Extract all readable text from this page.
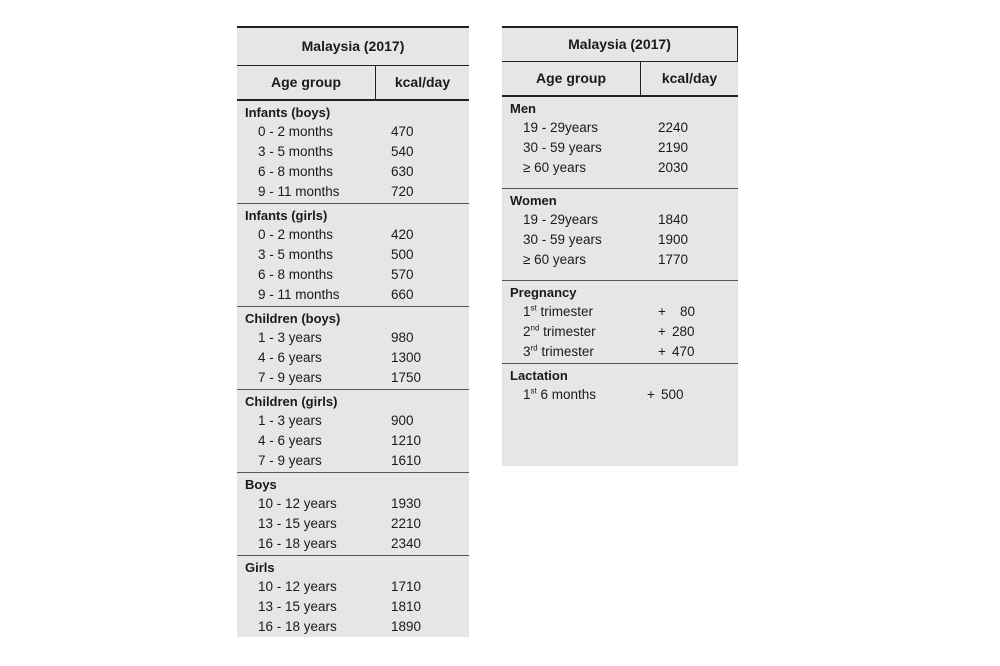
Malaysia (2017)
Age group	kcal/day
Infants (boys)
0 - 2 months	470
3 - 5 months	540
6 - 8 months	630
9 - 11 months	720
Infants (girls)
0 - 2 months	420
3 - 5 months	500
6 - 8 months	570
9 - 11 months	660
Children (boys)
1 - 3 years	980
4 - 6 years	1300
7 - 9 years	1750
Children (girls)
1 - 3 years	900
4 - 6 years	1210
7 - 9 years	1610
Boys
10 - 12 years	1930
13 - 15 years	2210
16 - 18 years	2340
Girls
10 - 12 years	1710
13 - 15 years	1810
16 - 18 years	1890
Malaysia (2017)
Age group	kcal/day
Men
19 - 29years	2240
30 - 59 years	2190
≥ 60 years	2030
Women
19 - 29years	1840
30 - 59 years	1900
≥ 60 years	1770
Pregnancy
1st trimester	+ 80
2nd trimester	+ 280
3rd trimester	+ 470
Lactation
1st 6 months	+ 500
